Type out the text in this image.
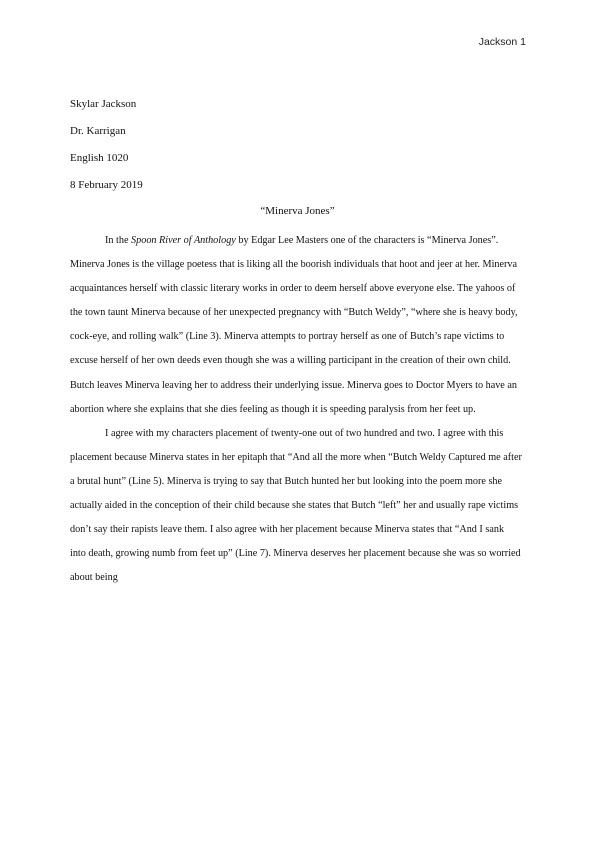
Jackson 1
Skylar Jackson
Dr. Karrigan
English 1020
8 February 2019
“Minerva Jones”

In the Spoon River of Anthology by Edgar Lee Masters one of the characters is “Minerva Jones”. Minerva Jones is the village poetess that is liking all the boorish individuals that hoot and jeer at her. Minerva acquaintances herself with classic literary works in order to deem herself above everyone else. The yahoos of the town taunt Minerva because of her unexpected pregnancy with “Butch Weldy”, “where she is heavy body, cock-eye, and rolling walk” (Line 3). Minerva attempts to portray herself as one of Butch’s rape victims to excuse herself of her own deeds even though she was a willing participant in the creation of their own child. Butch leaves Minerva leaving her to address their underlying issue. Minerva goes to Doctor Myers to have an abortion where she explains that she dies feeling as though it is speeding paralysis from her feet up.

I agree with my characters placement of twenty-one out of two hundred and two. I agree with this placement because Minerva states in her epitaph that “And all the more when “Butch Weldy Captured me after a brutal hunt” (Line 5). Minerva is trying to say that Butch hunted her but looking into the poem more she actually aided in the conception of their child because she states that Butch “left” her and usually rape victims don’t say their rapists leave them. I also agree with her placement because Minerva states that “And I sank into death, growing numb from feet up” (Line 7). Minerva deserves her placement because she was so worried about being
